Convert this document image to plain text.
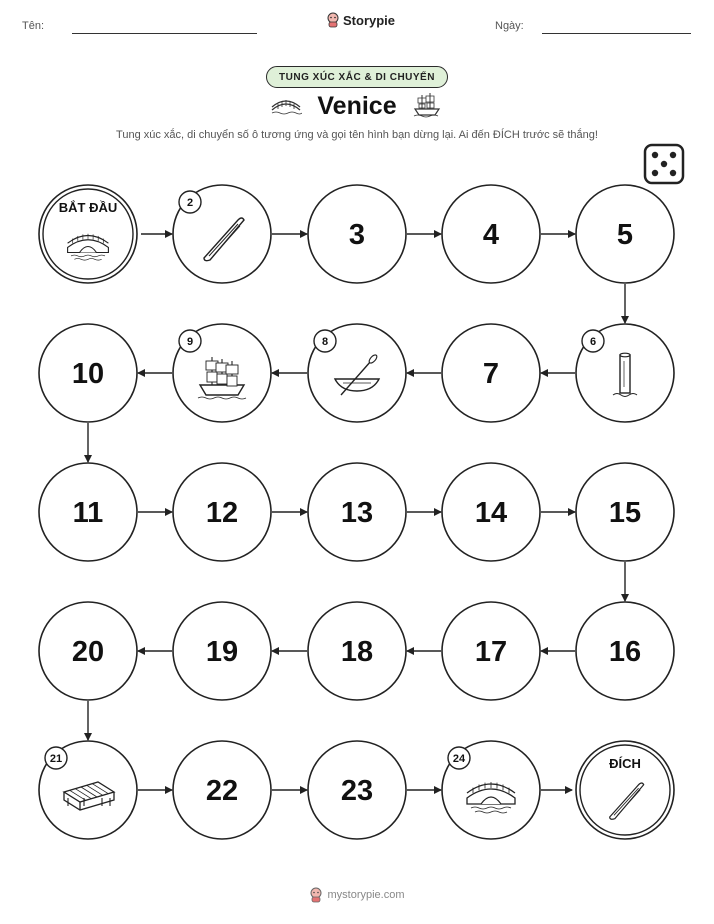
Tên:	Storypie	Ngày:
TUNG XÚC XẮC & DI CHUYỂN
Venice
Tung xúc xắc, di chuyển số ô tương ứng và gọi tên hình bạn dừng lại. Ai đến ĐÍCH trước sẽ thắng!
BẮT ĐẦU	2
3	4	5
6
7
8
9
10
11	12	13	14	15
16
17
18
19
20
21
22	23
24	ĐÍCH
mystorypie.com
